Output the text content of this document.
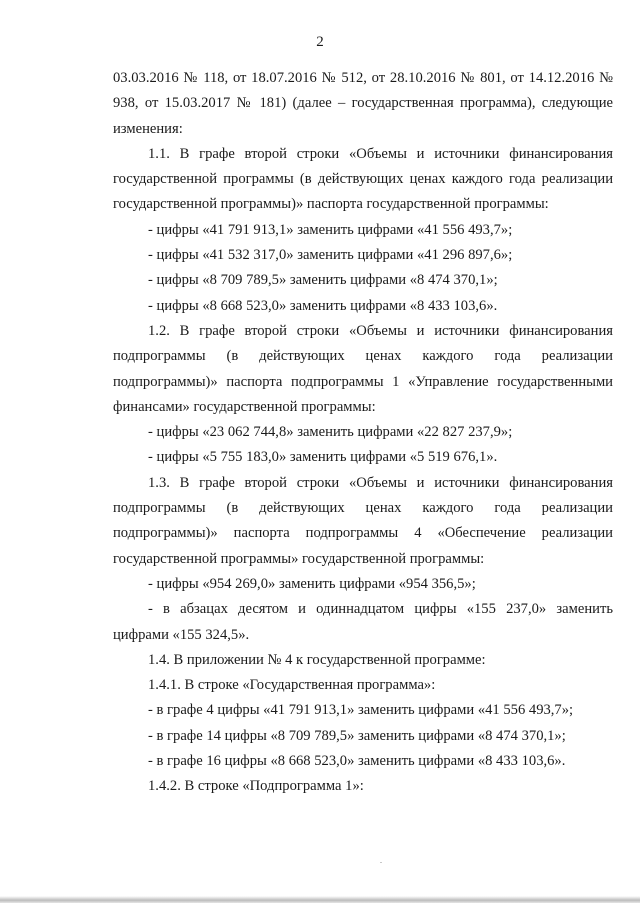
2

03.03.2016 № 118, от 18.07.2016 № 512, от 28.10.2016 № 801, от 14.12.2016 № 938, от 15.03.2017 № 181) (далее – государственная программа), следующие изменения:

1.1. В графе второй строки «Объемы и источники финансирования государственной программы (в действующих ценах каждого года реализации государственной программы)» паспорта государственной программы:

- цифры «41 791 913,1» заменить цифрами «41 556 493,7»;

- цифры «41 532 317,0» заменить цифрами «41 296 897,6»;

- цифры «8 709 789,5» заменить цифрами «8 474 370,1»;

- цифры «8 668 523,0» заменить цифрами «8 433 103,6».

1.2. В графе второй строки «Объемы и источники финансирования подпрограммы (в действующих ценах каждого года реализации подпрограммы)» паспорта подпрограммы 1 «Управление государственными финансами» государственной программы:

- цифры «23 062 744,8» заменить цифрами «22 827 237,9»;

- цифры «5 755 183,0» заменить цифрами «5 519 676,1».

1.3. В графе второй строки «Объемы и источники финансирования подпрограммы (в действующих ценах каждого года реализации подпрограммы)» паспорта подпрограммы 4 «Обеспечение реализации государственной программы» государственной программы:

- цифры «954 269,0» заменить цифрами «954 356,5»;

- в абзацах десятом и одиннадцатом цифры «155 237,0» заменить цифрами «155 324,5».

1.4. В приложении № 4 к государственной программе:

1.4.1. В строке «Государственная программа»:

- в графе 4 цифры «41 791 913,1» заменить цифрами «41 556 493,7»;

- в графе 14 цифры «8 709 789,5» заменить цифрами «8 474 370,1»;

- в графе 16 цифры «8 668 523,0» заменить цифрами «8 433 103,6».

1.4.2. В строке «Подпрограмма 1»:
